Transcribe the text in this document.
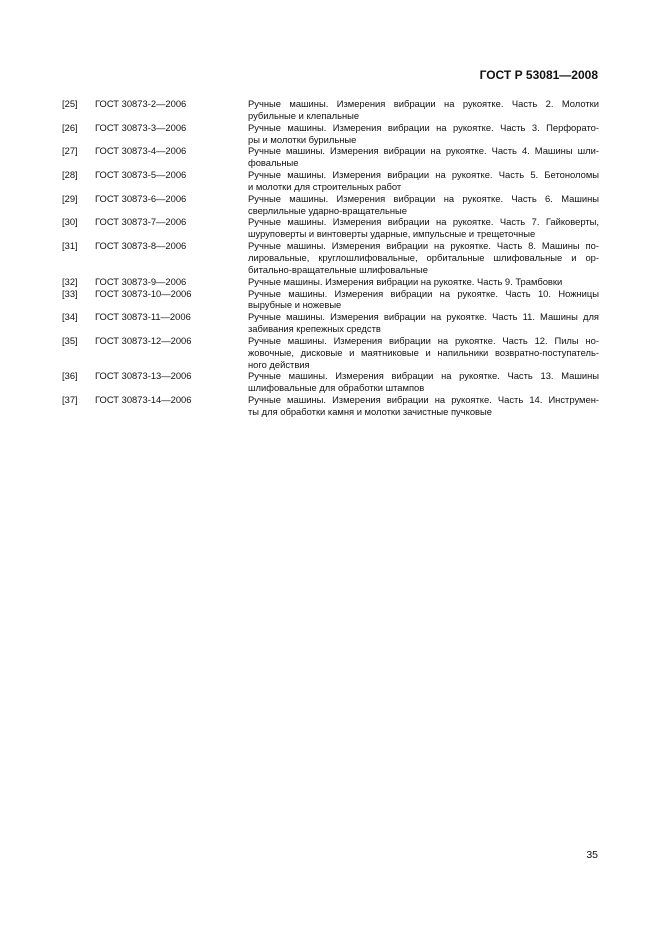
ГОСТ Р 53081—2008
[25]	ГОСТ 30873-2—2006	Ручные машины. Измерения вибрации на рукоятке. Часть 2. Молотки
рубильные и клепальные
[26]	ГОСТ 30873-3—2006	Ручные машины. Измерения вибрации на рукоятке. Часть 3. Перфорато-
ры и молотки бурильные
[27]	ГОСТ 30873-4—2006	Ручные машины. Измерения вибрации на рукоятке. Часть 4. Машины шли-
фовальные
[28]	ГОСТ 30873-5—2006	Ручные машины. Измерения вибрации на рукоятке. Часть 5. Бетоноломы
и молотки для строительных работ
[29]	ГОСТ 30873-6—2006	Ручные машины. Измерения вибрации на рукоятке. Часть 6. Машины
сверлильные ударно-вращательные
[30]	ГОСТ 30873-7—2006	Ручные машины. Измерения вибрации на рукоятке. Часть 7. Гайковерты,
шуруповерты и винтоверты ударные, импульсные и трещеточные
[31]	ГОСТ 30873-8—2006	Ручные машины. Измерения вибрации на рукоятке. Часть 8. Машины по-
лировальные, круглошлифовальные, орбитальные шлифовальные и ор-
битально-вращательные шлифовальные
[32]	ГОСТ 30873-9—2006	Ручные машины. Измерения вибрации на рукоятке. Часть 9. Трамбовки
[33]	ГОСТ 30873-10—2006	Ручные машины. Измерения вибрации на рукоятке. Часть 10. Ножницы
вырубные и ножевые
[34]	ГОСТ 30873-11—2006	Ручные машины. Измерения вибрации на рукоятке. Часть 11. Машины для
забивания крепежных средств
[35]	ГОСТ 30873-12—2006	Ручные машины. Измерения вибрации на рукоятке. Часть 12. Пилы но-
жовочные, дисковые и маятниковые и напильники возвратно-поступатель-
ного действия
[36]	ГОСТ 30873-13—2006	Ручные машины. Измерения вибрации на рукоятке. Часть 13. Машины
шлифовальные для обработки штампов
[37]	ГОСТ 30873-14—2006	Ручные машины. Измерения вибрации на рукоятке. Часть 14. Инструмен-
ты для обработки камня и молотки зачистные пучковые
35
